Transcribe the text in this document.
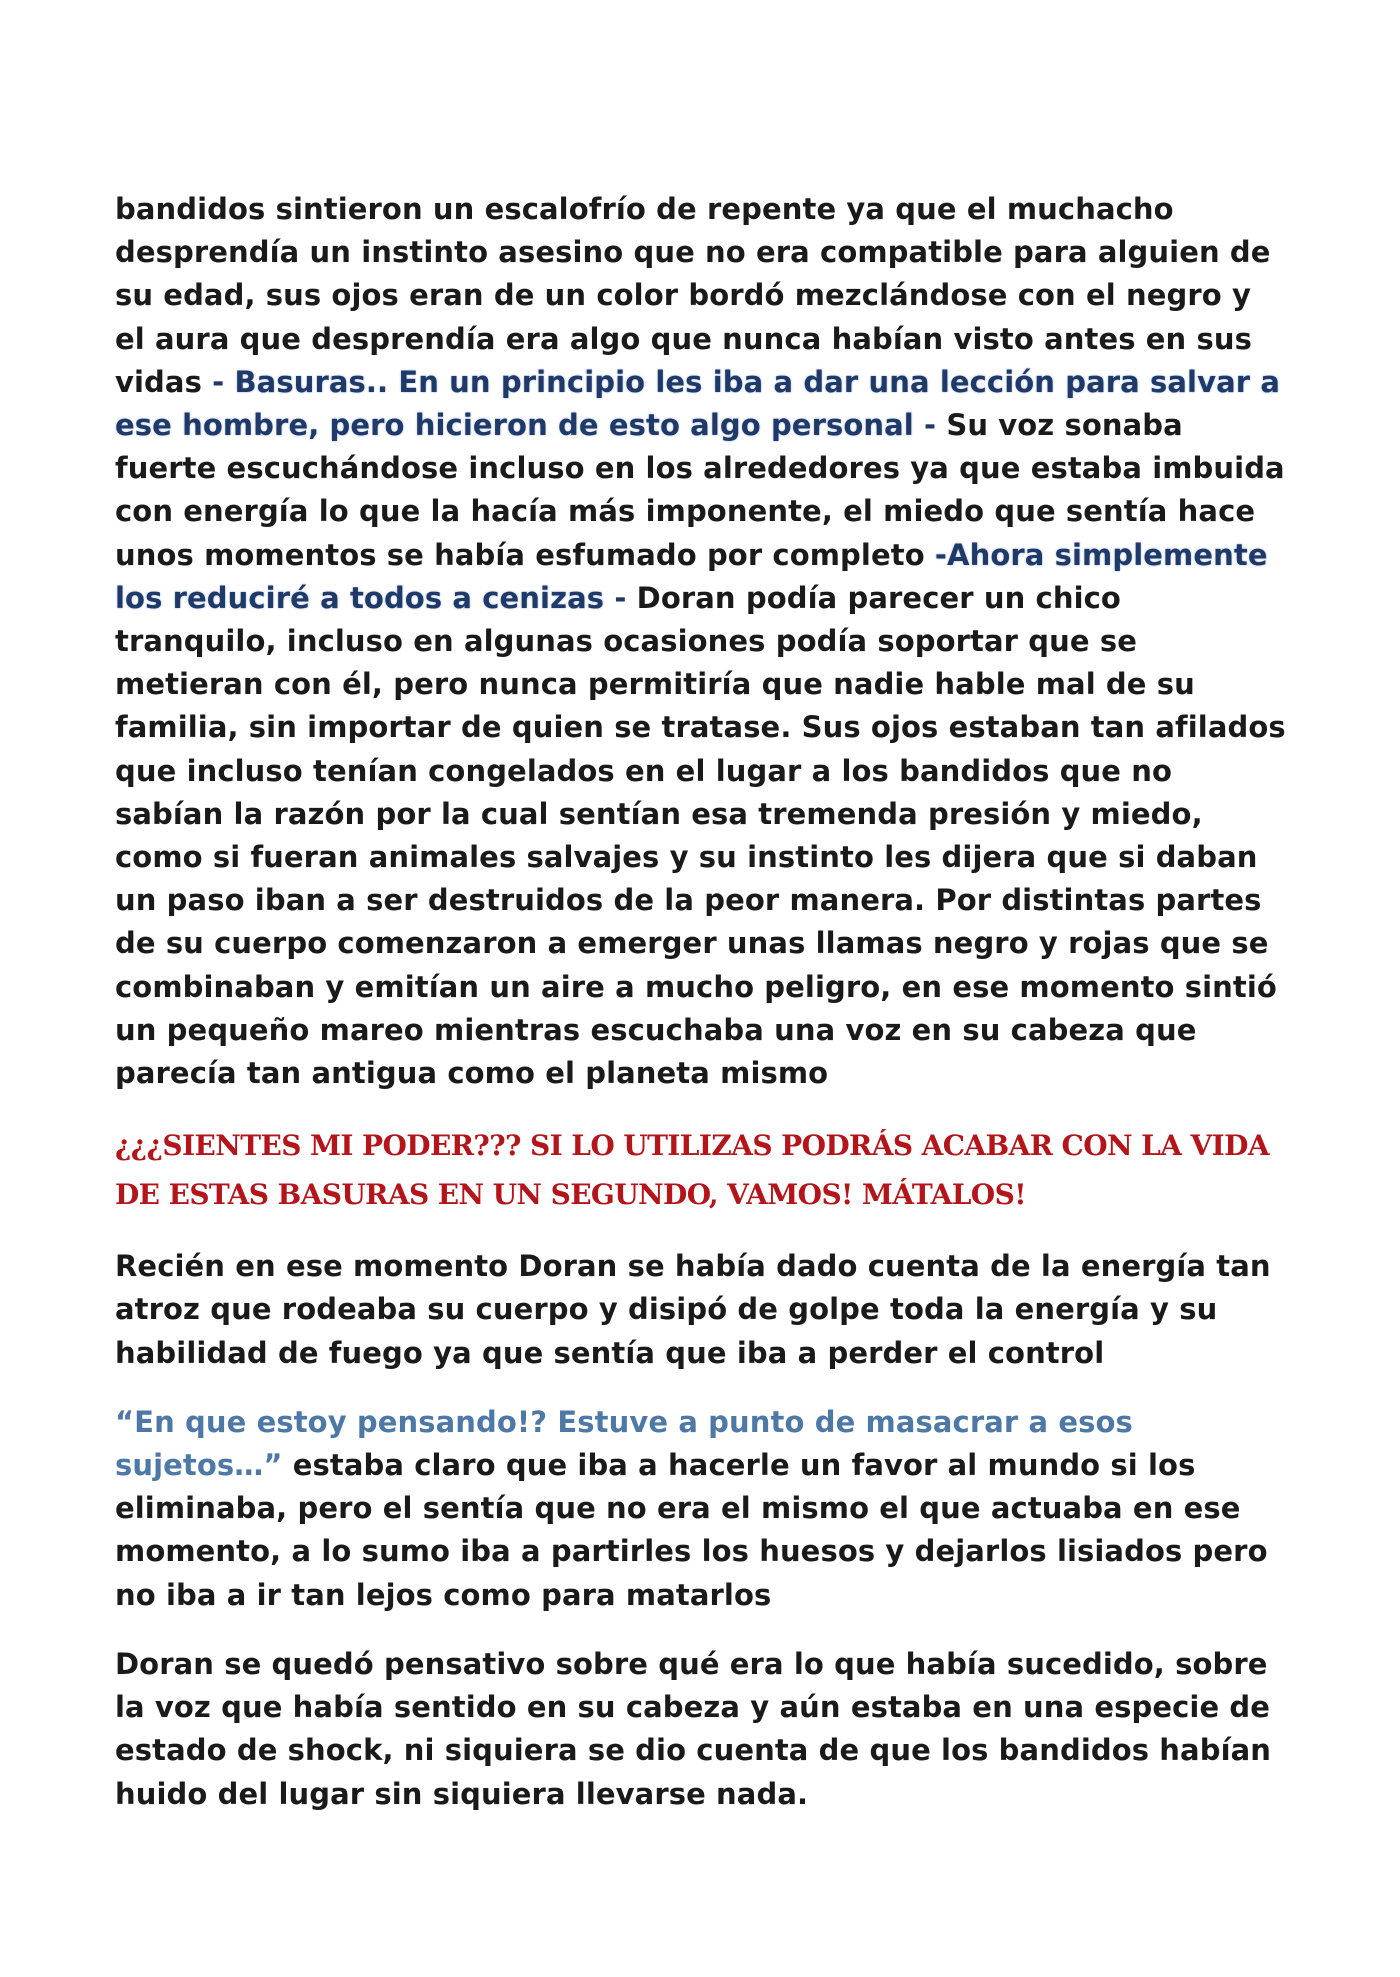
bandidos sintieron un escalofrío de repente ya que el muchacho desprendía un instinto asesino que no era compatible para alguien de su edad, sus ojos eran de un color bordó mezclándose con el negro y el aura que desprendía era algo que nunca habían visto antes en sus vidas - Basuras.. En un principio les iba a dar una lección para salvar a ese hombre, pero hicieron de esto algo personal - Su voz sonaba fuerte escuchándose incluso en los alrededores ya que estaba imbuida con energía lo que la hacía más imponente, el miedo que sentía hace unos momentos se había esfumado por completo -Ahora simplemente los reduciré a todos a cenizas - Doran podía parecer un chico tranquilo, incluso en algunas ocasiones podía soportar que se metieran con él, pero nunca permitiría que nadie hable mal de su familia, sin importar de quien se tratase. Sus ojos estaban tan afilados que incluso tenían congelados en el lugar a los bandidos que no sabían la razón por la cual sentían esa tremenda presión y miedo, como si fueran animales salvajes y su instinto les dijera que si daban un paso iban a ser destruidos de la peor manera. Por distintas partes de su cuerpo comenzaron a emerger unas llamas negro y rojas que se combinaban y emitían un aire a mucho peligro, en ese momento sintió un pequeño mareo mientras escuchaba una voz en su cabeza que parecía tan antigua como el planeta mismo

¿¿¿SIENTES MI PODER??? SI LO UTILIZAS PODRÁS ACABAR CON LA VIDA DE ESTAS BASURAS EN UN SEGUNDO, VAMOS! MÁTALOS!

Recién en ese momento Doran se había dado cuenta de la energía tan atroz que rodeaba su cuerpo y disipó de golpe toda la energía y su habilidad de fuego ya que sentía que iba a perder el control

“En que estoy pensando!? Estuve a punto de masacrar a esos sujetos…” estaba claro que iba a hacerle un favor al mundo si los eliminaba, pero el sentía que no era el mismo el que actuaba en ese momento, a lo sumo iba a partirles los huesos y dejarlos lisiados pero no iba a ir tan lejos como para matarlos

Doran se quedó pensativo sobre qué era lo que había sucedido, sobre la voz que había sentido en su cabeza y aún estaba en una especie de estado de shock, ni siquiera se dio cuenta de que los bandidos habían huido del lugar sin siquiera llevarse nada.
